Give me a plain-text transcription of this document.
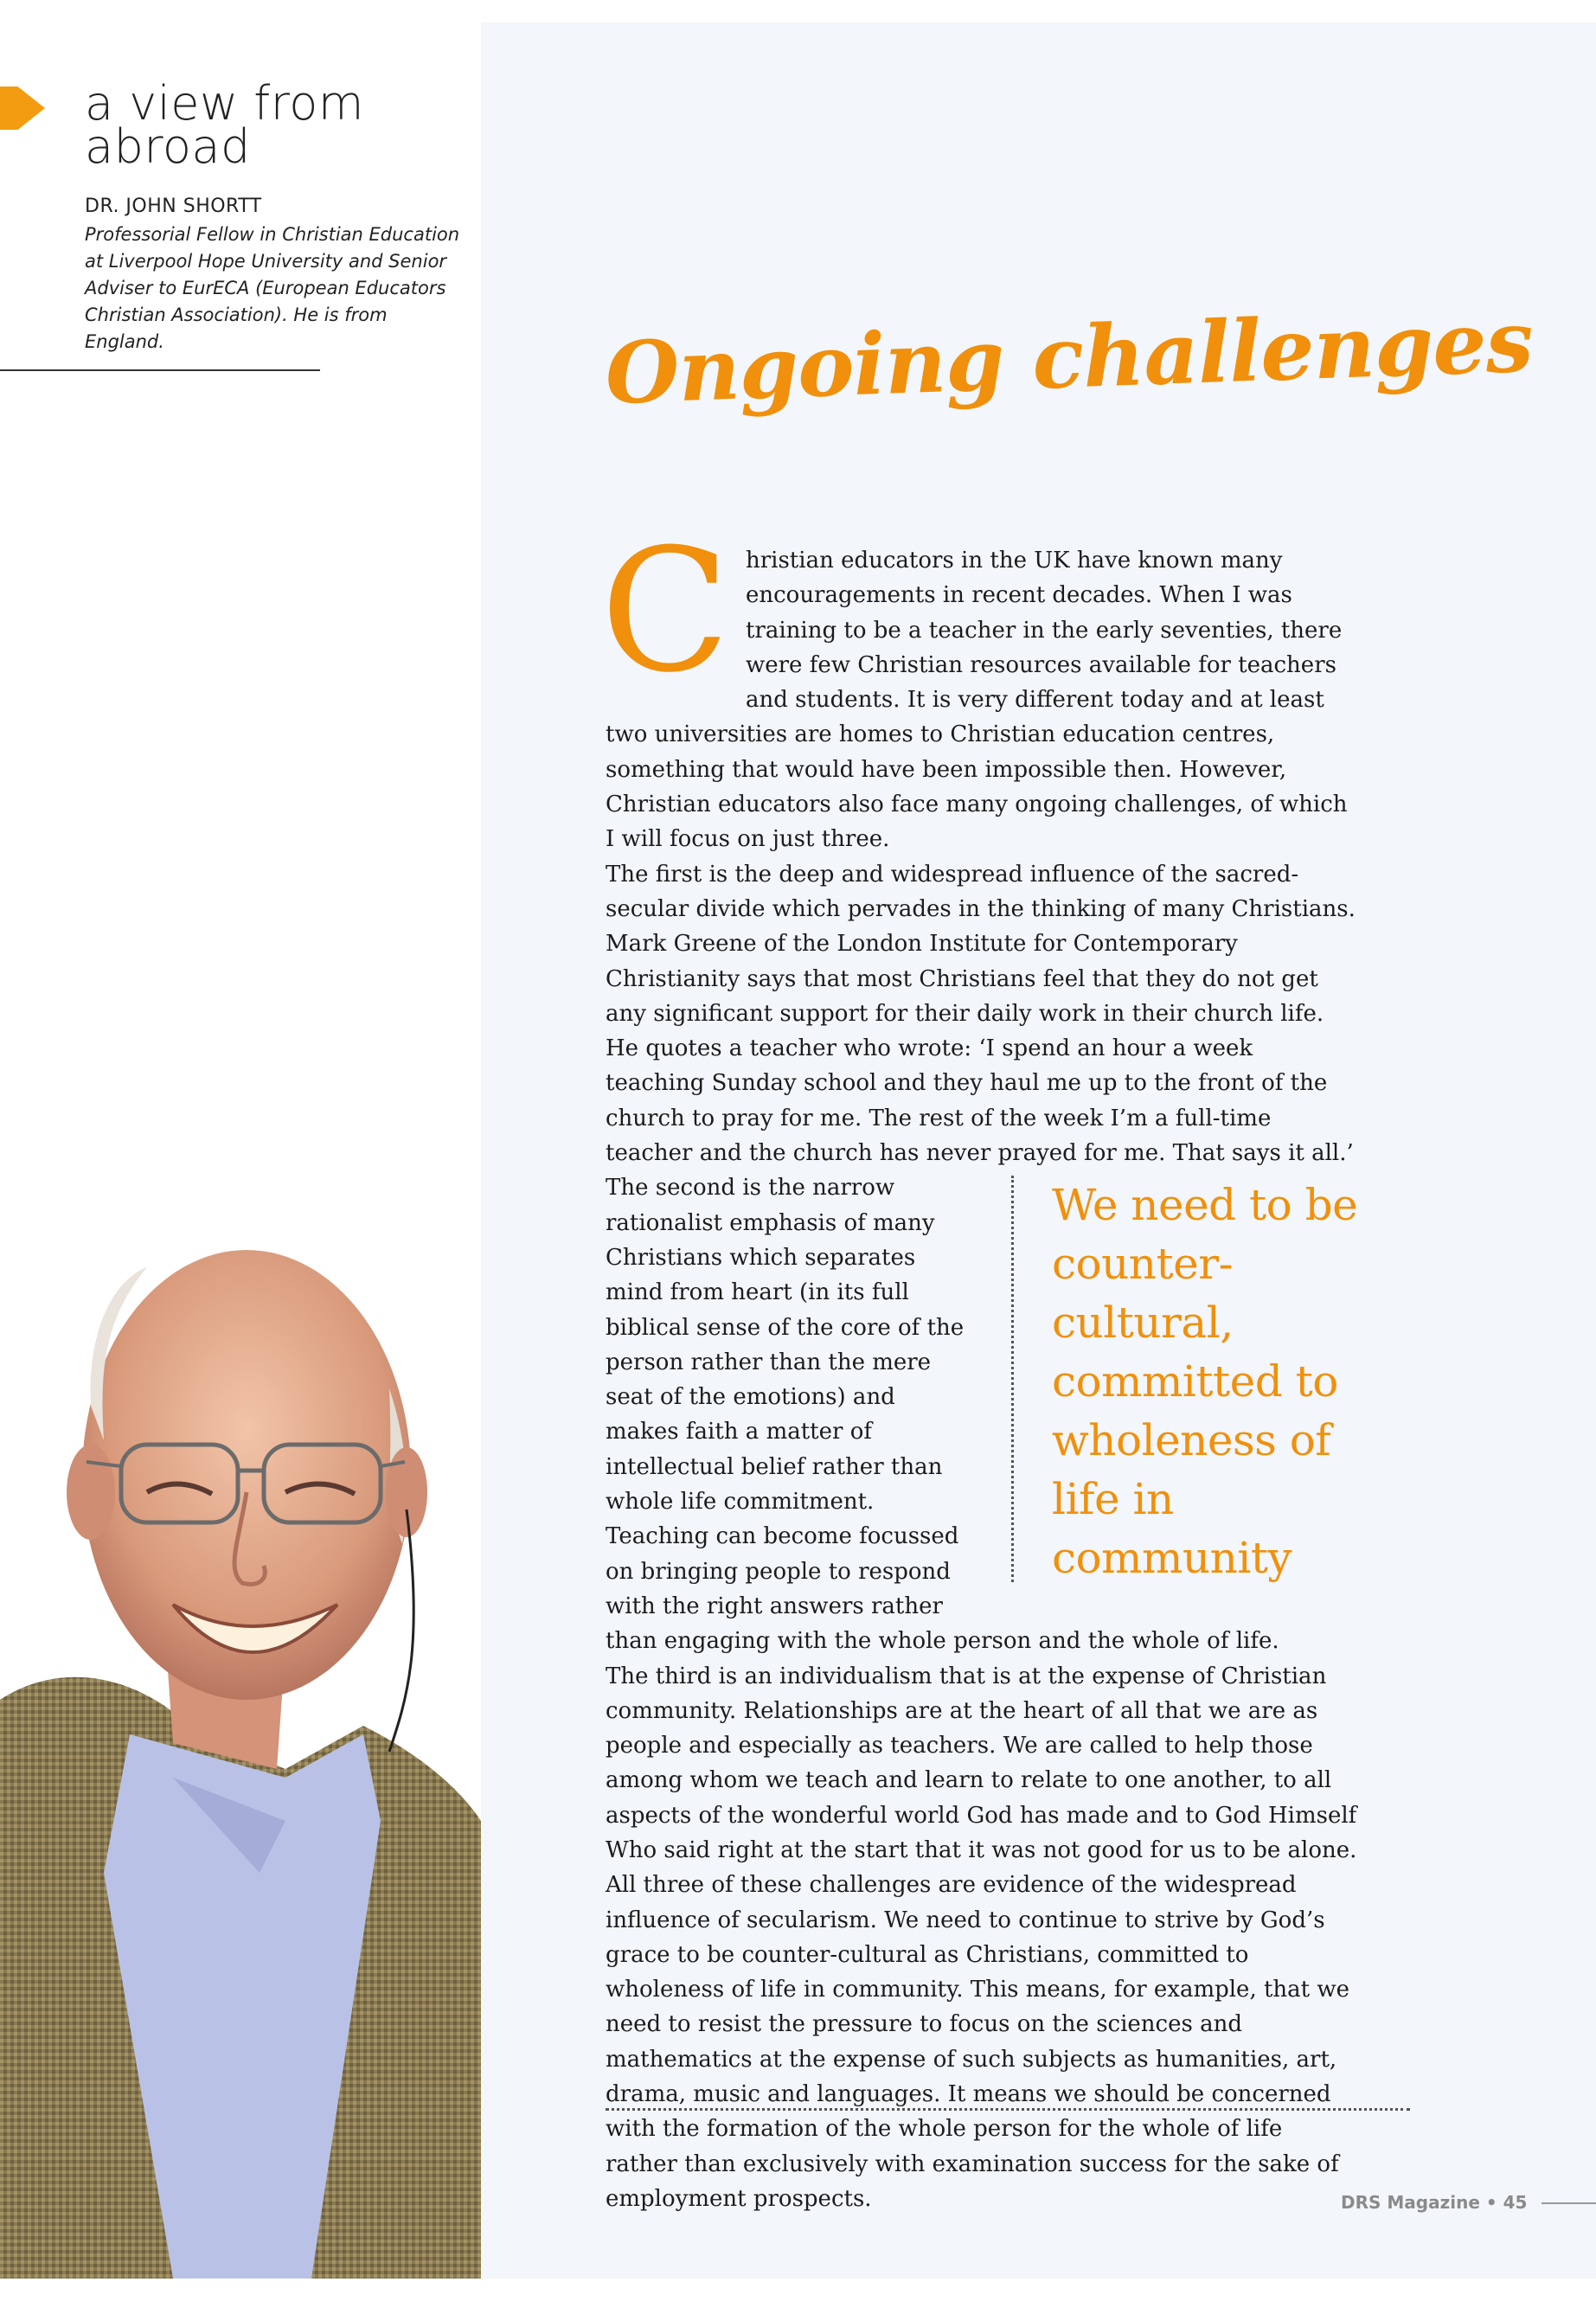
a view from
abroad
DR. JOHN SHORTT
Professorial Fellow in Christian Education at Liverpool Hope University and Senior Adviser to EurECA (European Educators Christian Association). He is from England.	Ongoing challenges
C hristian educators in the UK have known many encouragements in recent decades. When I was training to be a teacher in the early seventies, there were few Christian resources available for teachers and students. It is very different today and at least two universities are homes to Christian education centres, something that would have been impossible then. However, Christian educators also face many ongoing challenges, of which I will focus on just three.

The first is the deep and widespread influence of the sacred-secular divide which pervades in the thinking of many Christians. Mark Greene of the London Institute for Contemporary Christianity says that most Christians feel that they do not get any significant support for their daily work in their church life. He quotes a teacher who wrote: ‘I spend an hour a week teaching Sunday school and they haul me up to the front of the church to pray for me. The rest of the week I’m a full-time teacher and the church has never prayed for me. That says it all.’

We need to be counter-cultural, committed to wholeness of life in community

The second is the narrow rationalist emphasis of many Christians which separates mind from heart (in its full biblical sense of the core of the person rather than the mere seat of the emotions) and makes faith a matter of intellectual belief rather than whole life commitment. Teaching can become focussed on bringing people to respond with the right answers rather than engaging with the whole person and the whole of life.

The third is an individualism that is at the expense of Christian community. Relationships are at the heart of all that we are as people and especially as teachers. We are called to help those among whom we teach and learn to relate to one another, to all aspects of the wonderful world God has made and to God Himself Who said right at the start that it was not good for us to be alone.

All three of these challenges are evidence of the widespread influence of secularism. We need to continue to strive by God’s grace to be counter-cultural as Christians, committed to wholeness of life in community. This means, for example, that we need to resist the pressure to focus on the sciences and mathematics at the expense of such subjects as humanities, art, drama, music and languages. It means we should be concerned with the formation of the whole person for the whole of life rather than exclusively with examination success for the sake of employment prospects.	DRS Magazine • 45
